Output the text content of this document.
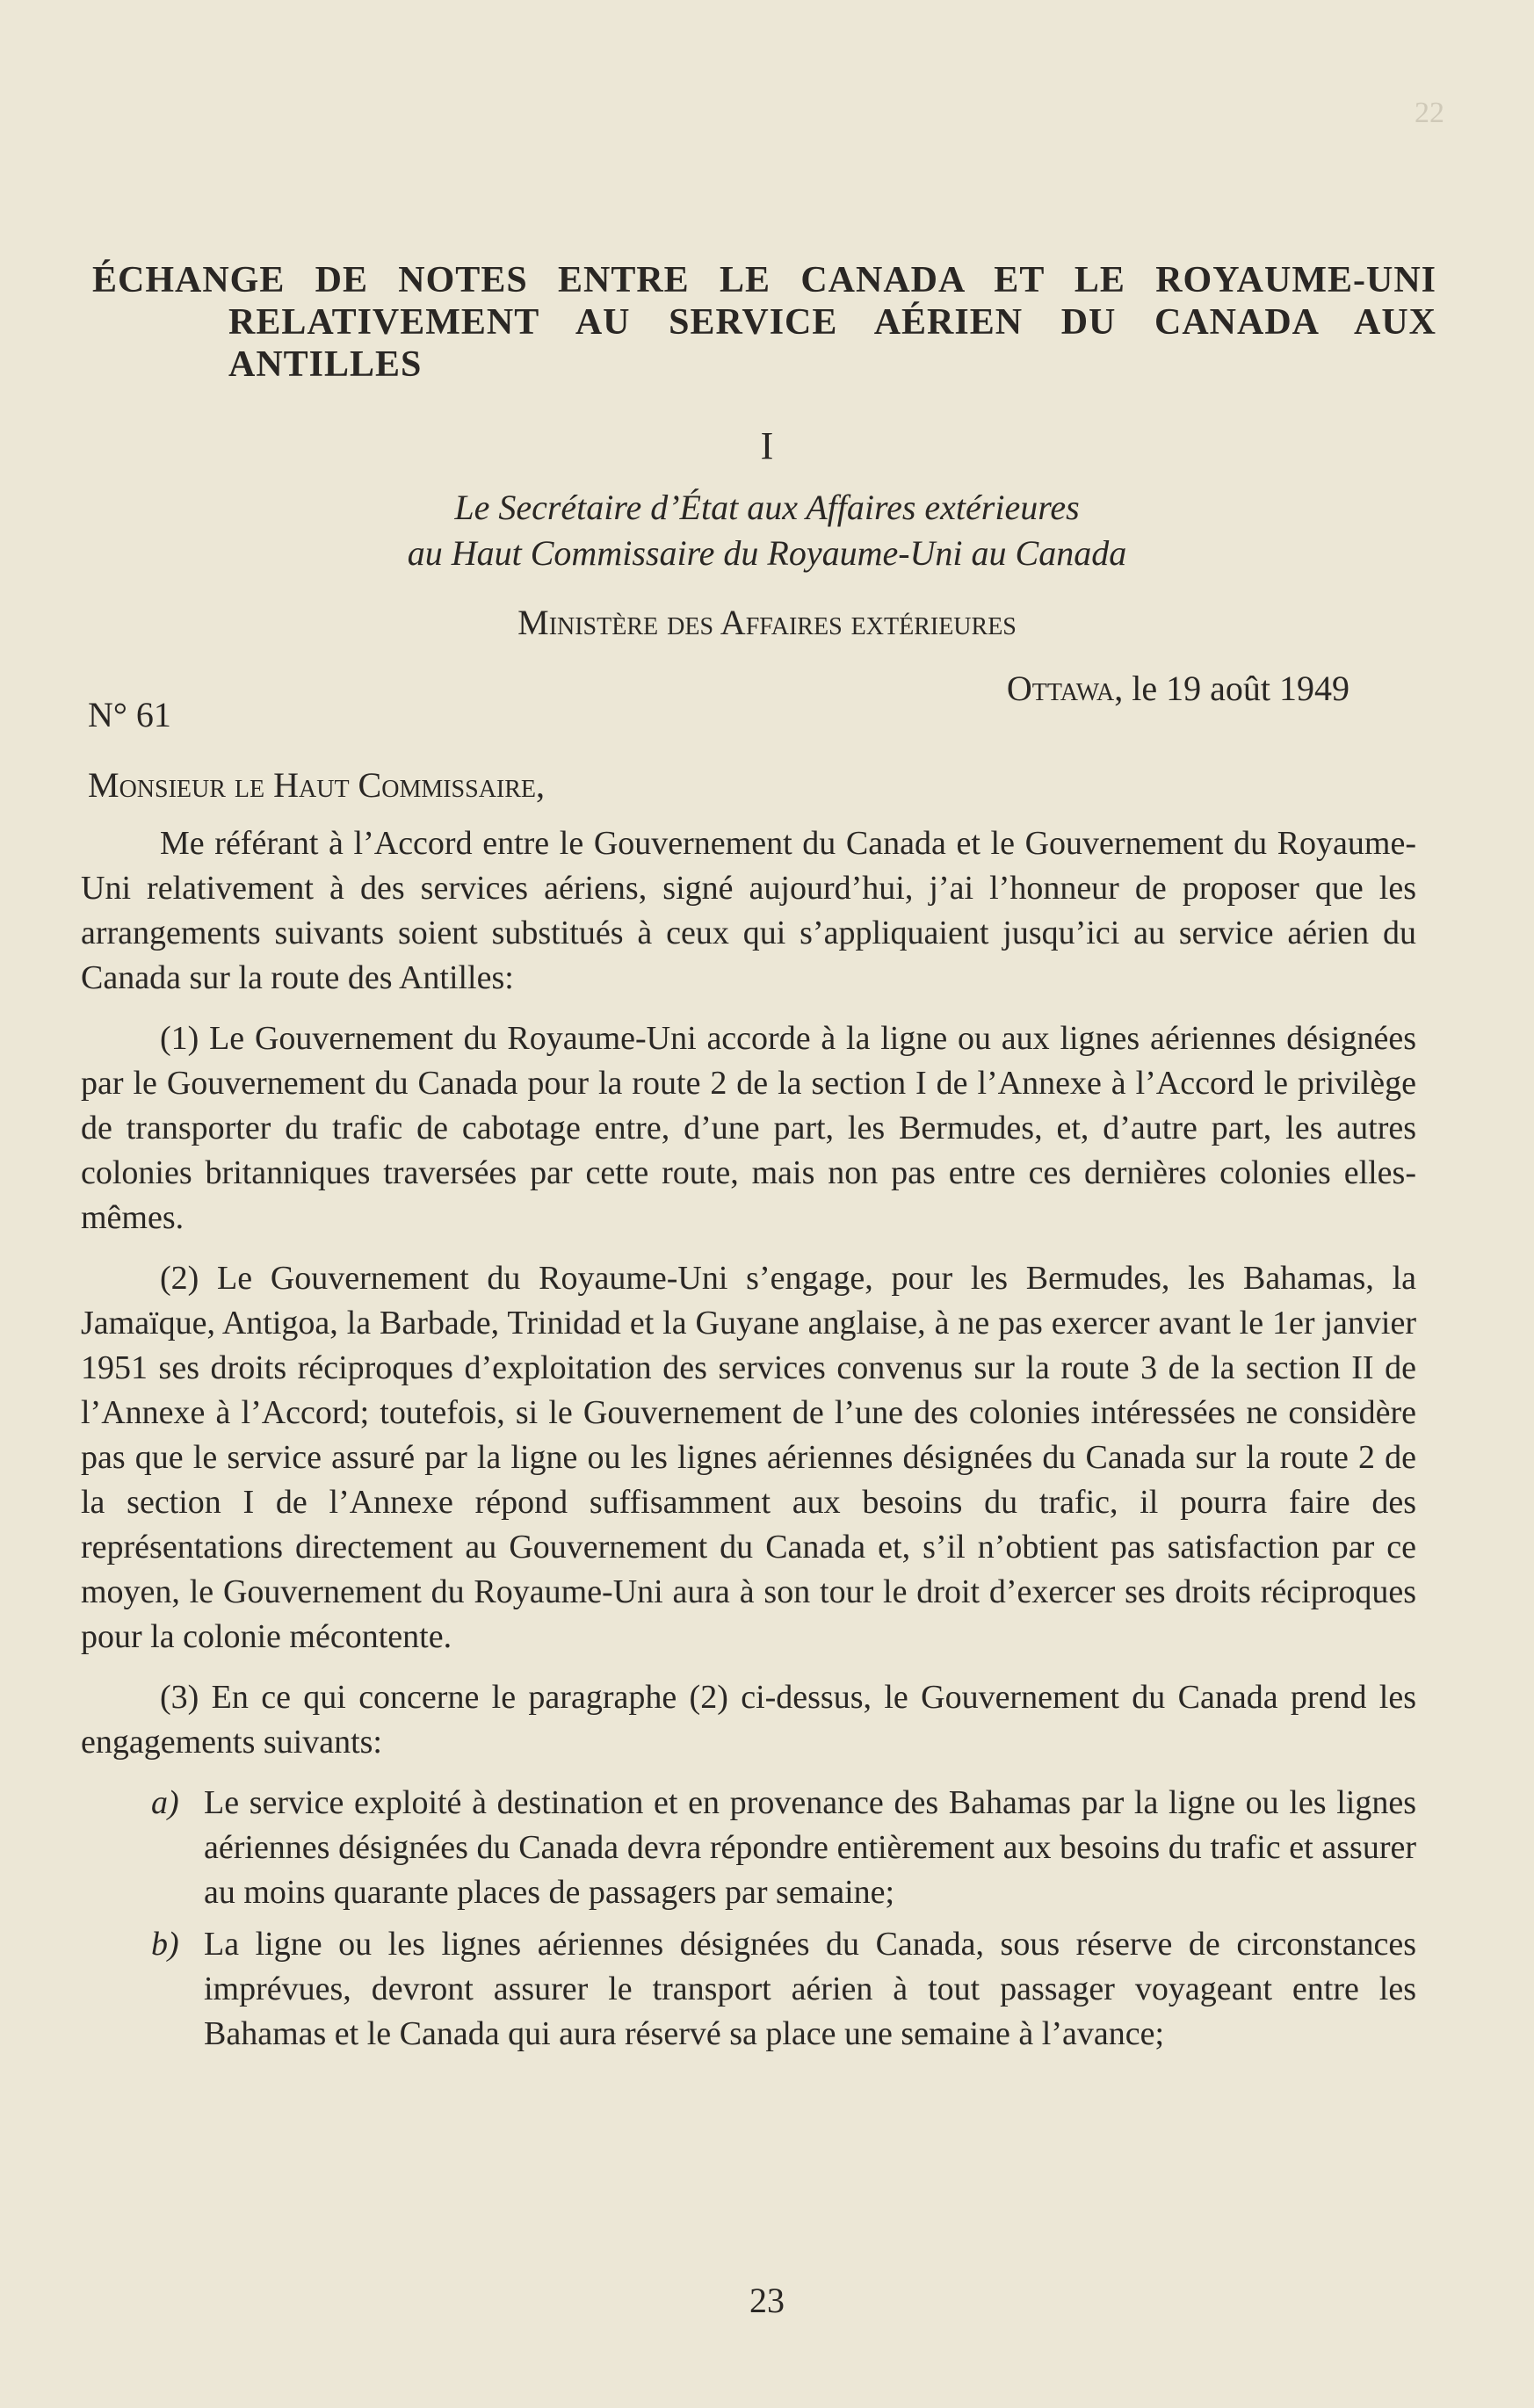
22
ÉCHANGE DE NOTES ENTRE LE CANADA ET LE ROYAUME-UNI
RELATIVEMENT AU SERVICE AÉRIEN DU CANADA AUX
ANTILLES
I
Le Secrétaire d’État aux Affaires extérieures
au Haut Commissaire du Royaume-Uni au Canada
Ministère des Affaires extérieures
Ottawa, le 19 août 1949
N° 61
Monsieur le Haut Commissaire,

Me référant à l’Accord entre le Gouvernement du Canada et le Gouvernement du Royaume-Uni relativement à des services aériens, signé aujourd’hui, j’ai l’honneur de proposer que les arrangements suivants soient substitués à ceux qui s’appliquaient jusqu’ici au service aérien du Canada sur la route des Antilles:

(1) Le Gouvernement du Royaume-Uni accorde à la ligne ou aux lignes aériennes désignées par le Gouvernement du Canada pour la route 2 de la section I de l’Annexe à l’Accord le privilège de transporter du trafic de cabotage entre, d’une part, les Bermudes, et, d’autre part, les autres colonies britanniques traversées par cette route, mais non pas entre ces dernières colonies elles-mêmes.

(2) Le Gouvernement du Royaume-Uni s’engage, pour les Bermudes, les Bahamas, la Jamaïque, Antigoa, la Barbade, Trinidad et la Guyane anglaise, à ne pas exercer avant le 1er janvier 1951 ses droits réciproques d’exploitation des services convenus sur la route 3 de la section II de l’Annexe à l’Accord; toutefois, si le Gouvernement de l’une des colonies intéressées ne considère pas que le service assuré par la ligne ou les lignes aériennes désignées du Canada sur la route 2 de la section I de l’Annexe répond suffisamment aux besoins du trafic, il pourra faire des représentations directement au Gouvernement du Canada et, s’il n’obtient pas satisfaction par ce moyen, le Gouvernement du Royaume-Uni aura à son tour le droit d’exercer ses droits réciproques pour la colonie mécontente.

(3) En ce qui concerne le paragraphe (2) ci-dessus, le Gouvernement du Canada prend les engagements suivants:

a) Le service exploité à destination et en provenance des Bahamas par la ligne ou les lignes aériennes désignées du Canada devra répondre entièrement aux besoins du trafic et assurer au moins quarante places de passagers par semaine;
b) La ligne ou les lignes aériennes désignées du Canada, sous réserve de circonstances imprévues, devront assurer le transport aérien à tout passager voyageant entre les Bahamas et le Canada qui aura réservé sa place une semaine à l’avance;
23
